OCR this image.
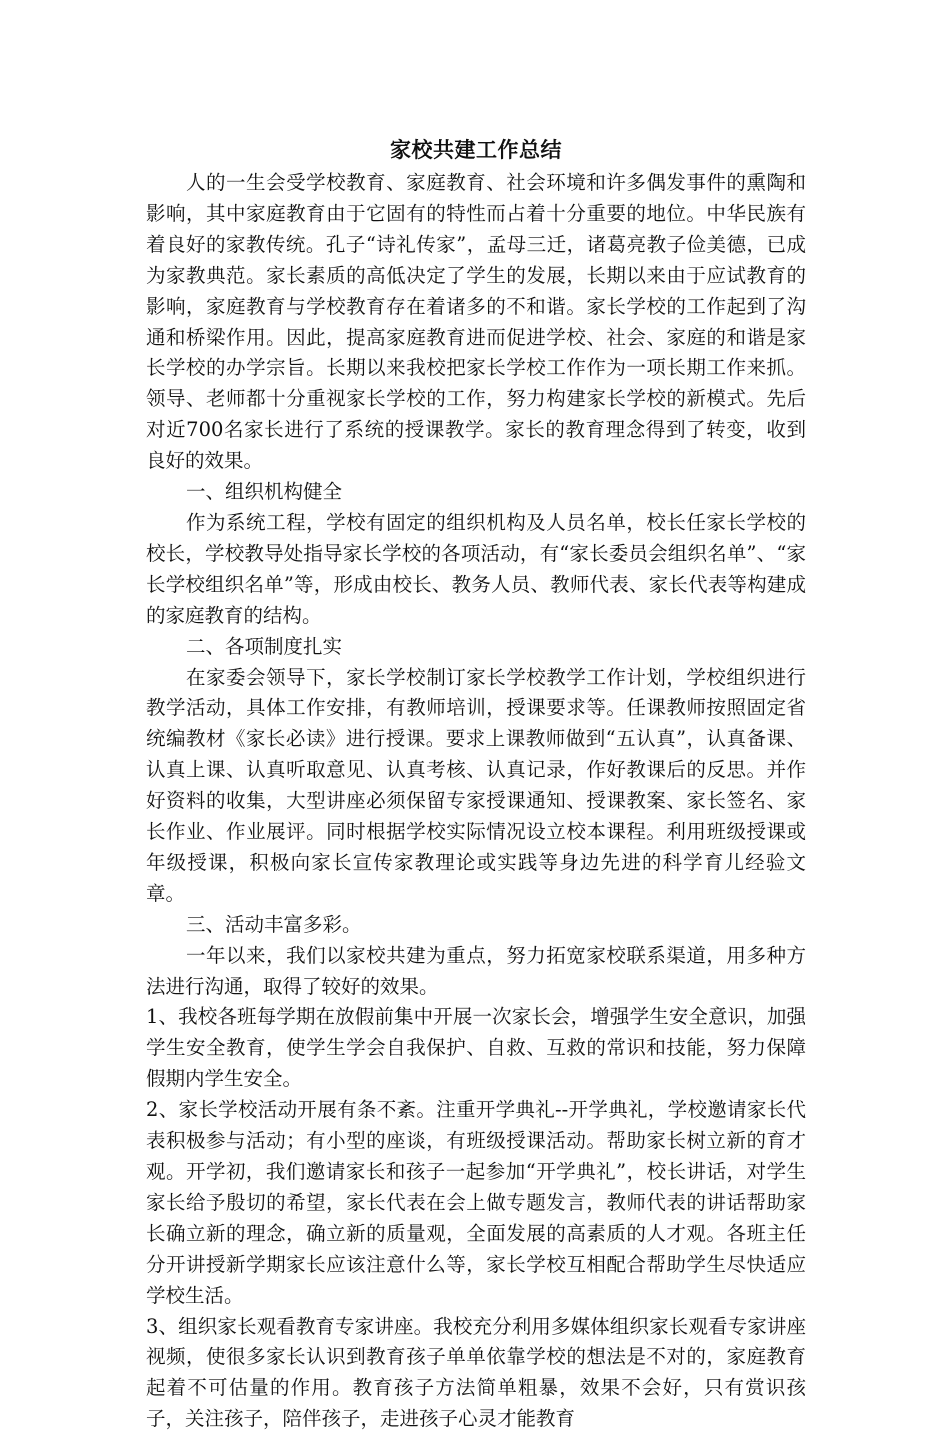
家校共建工作总结

人的一生会受学校教育、家庭教育、社会环境和许多偶发事件的熏陶和影响，其中家庭教育由于它固有的特性而占着十分重要的地位。中华民族有着良好的家教传统。孔子“诗礼传家”，孟母三迁，诸葛亮教子俭美德，已成为家教典范。家长素质的高低决定了学生的发展，长期以来由于应试教育的影响，家庭教育与学校教育存在着诸多的不和谐。家长学校的工作起到了沟通和桥梁作用。因此，提高家庭教育进而促进学校、社会、家庭的和谐是家长学校的办学宗旨。长期以来我校把家长学校工作作为一项长期工作来抓。领导、老师都十分重视家长学校的工作，努力构建家长学校的新模式。先后对近700名家长进行了系统的授课教学。家长的教育理念得到了转变，收到良好的效果。

一、组织机构健全

作为系统工程，学校有固定的组织机构及人员名单，校长任家长学校的校长，学校教导处指导家长学校的各项活动，有“家长委员会组织名单”、“家长学校组织名单”等，形成由校长、教务人员、教师代表、家长代表等构建成的家庭教育的结构。

二、各项制度扎实

在家委会领导下，家长学校制订家长学校教学工作计划，学校组织进行教学活动，具体工作安排，有教师培训，授课要求等。任课教师按照固定省统编教材《家长必读》进行授课。要求上课教师做到“五认真”，认真备课、认真上课、认真听取意见、认真考核、认真记录，作好教课后的反思。并作好资料的收集，大型讲座必须保留专家授课通知、授课教案、家长签名、家长作业、作业展评。同时根据学校实际情况设立校本课程。利用班级授课或年级授课，积极向家长宣传家教理论或实践等身边先进的科学育儿经验文章。

三、活动丰富多彩。

一年以来，我们以家校共建为重点，努力拓宽家校联系渠道，用多种方法进行沟通，取得了较好的效果。

1、我校各班每学期在放假前集中开展一次家长会，增强学生安全意识，加强学生安全教育，使学生学会自我保护、自救、互救的常识和技能，努力保障假期内学生安全。

2、家长学校活动开展有条不紊。注重开学典礼--开学典礼，学校邀请家长代表积极参与活动；有小型的座谈，有班级授课活动。帮助家长树立新的育才观。开学初，我们邀请家长和孩子一起参加“开学典礼”，校长讲话，对学生家长给予殷切的希望，家长代表在会上做专题发言，教师代表的讲话帮助家长确立新的理念，确立新的质量观，全面发展的高素质的人才观。各班主任分开讲授新学期家长应该注意什么等，家长学校互相配合帮助学生尽快适应学校生活。

3、组织家长观看教育专家讲座。我校充分利用多媒体组织家长观看专家讲座视频，使很多家长认识到教育孩子单单依靠学校的想法是不对的，家庭教育起着不可估量的作用。教育孩子方法简单粗暴，效果不会好，只有赏识孩子，关注孩子，陪伴孩子，走进孩子心灵才能教育
